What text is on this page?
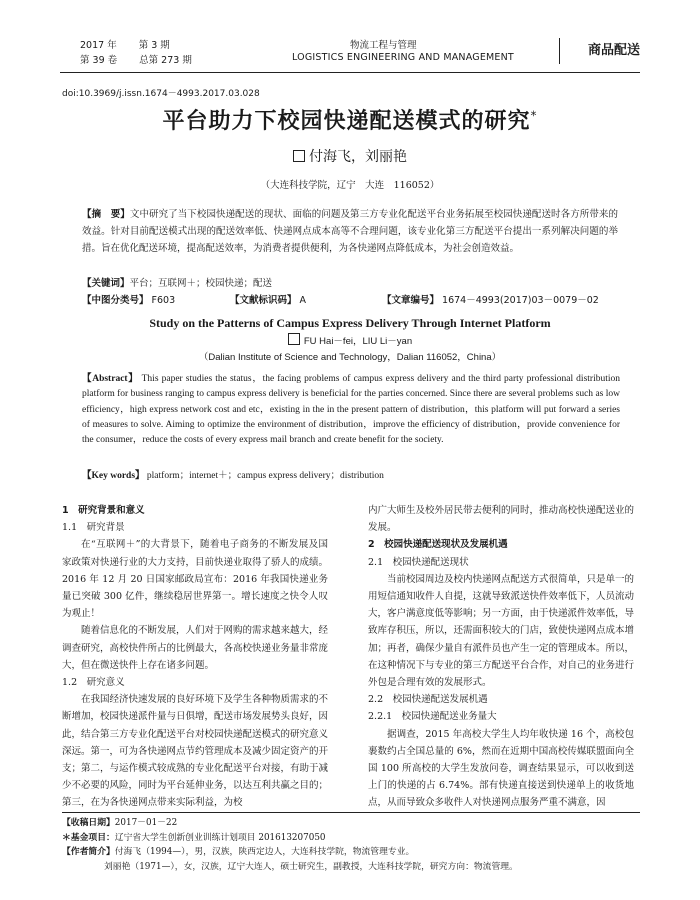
2017 年 第 3 期
第 39 卷 总第 273 期
物流工程与管理
LOGISTICS ENGINEERING AND MANAGEMENT	商品配送
doi:10.3969/j.issn.1674－4993.2017.03.028
平台助力下校园快递配送模式的研究*
付海飞，刘丽艳
（大连科技学院，辽宁　大连　116052）
【摘　要】文中研究了当下校园快递配送的现状、面临的问题及第三方专业化配送平台业务拓展至校园快递配送时各方所带来的效益。针对目前配送模式出现的配送效率低、快递网点成本高等不合理问题，该专业化第三方配送平台提出一系列解决问题的举措。旨在优化配送环境，提高配送效率，为消费者提供便利，为各快递网点降低成本，为社会创造效益。
【关键词】平台；互联网＋；校园快递；配送
【中图分类号】 F603	【文献标识码】 A	【文章编号】 1674－4993(2017)03－0079－02
Study on the Patterns of Campus Express Delivery Through Internet Platform
FU Hai－fei，LIU Li－yan
（Dalian Institute of Science and Technology，Dalian 116052，China）
【Abstract】 This paper studies the status，the facing problems of campus express delivery and the third party professional distribution platform for business ranging to campus express delivery is beneficial for the parties concerned. Since there are several problems such as low efficiency，high express network cost and etc，existing in the in the present pattern of distribution，this platform will put forward a series of measures to solve. Aiming to optimize the environment of distribution，improve the efficiency of distribution，provide convenience for the consumer，reduce the costs of every express mail branch and create benefit for the society.
【Key words】 platform；internet＋；campus express delivery；distribution
1　研究背景和意义
1.1　研究背景

在“互联网＋”的大背景下，随着电子商务的不断发展及国家政策对快递行业的大力支持，目前快递业取得了骄人的成绩。2016 年 12 月 20 日国家邮政局宣布：2016 年我国快递业务量已突破 300 亿件，继续稳居世界第一。增长速度之快令人叹为观止！

随着信息化的不断发展，人们对于网购的需求越来越大，经调查研究，高校快件所占的比例最大，各高校快递业务量非常庞大，但在微送快件上存在诸多问题。

1.2　研究意义

在我国经济快速发展的良好环境下及学生各种物质需求的不断增加，校园快递派件量与日俱增，配送市场发展势头良好，因此，结合第三方专业化配送平台对校园快递配送模式的研究意义深远。第一，可为各快递网点节约管理成本及减少固定资产的开支；第二，与运作模式较成熟的专业化配送平台对接，有助于减少不必要的风险，同时为平台延伸业务，以达互利共赢之目的；第三，在为各快递网点带来实际利益，为校

内广大师生及校外居民带去便利的同时，推动高校快递配送业的发展。

2　校园快递配送现状及发展机遇
2.1　校园快递配送现状

当前校园周边及校内快递网点配送方式很简单，只是单一的用短信通知收件人自提，这就导致派送快件效率低下，人员流动大，客户满意度低等影响；另一方面，由于快递派件效率低，导致库存积压，所以，还需面积较大的门店，致使快递网点成本增加；再者，确保少量自有派件员也产生一定的管理成本。所以，在这种情况下与专业的第三方配送平台合作，对自己的业务进行外包是合理有效的发展形式。

2.2　校园快递配送发展机遇
2.2.1　校园快递配送业务量大

据调查，2015 年高校大学生人均年收快递 16 个，高校包裹数约占全国总量的 6%，然而在近期中国高校传媒联盟面向全国 100 所高校的大学生发放问卷，调查结果显示，可以收到送上门的快递的占 6.74%。部有快递直接送到快递单上的收货地点，从而导致众多收件人对快递网点服务严重不满意，因

【收稿日期】2017－01－22
＊基金项目：辽宁省大学生创新创业训练计划项目 201613207050
【作者简介】付海飞（1994—），男，汉族，陕西定边人，大连科技学院，物流管理专业。
刘丽艳（1971—），女，汉族，辽宁大连人，硕士研究生，副教授，大连科技学院，研究方向：物流管理。
